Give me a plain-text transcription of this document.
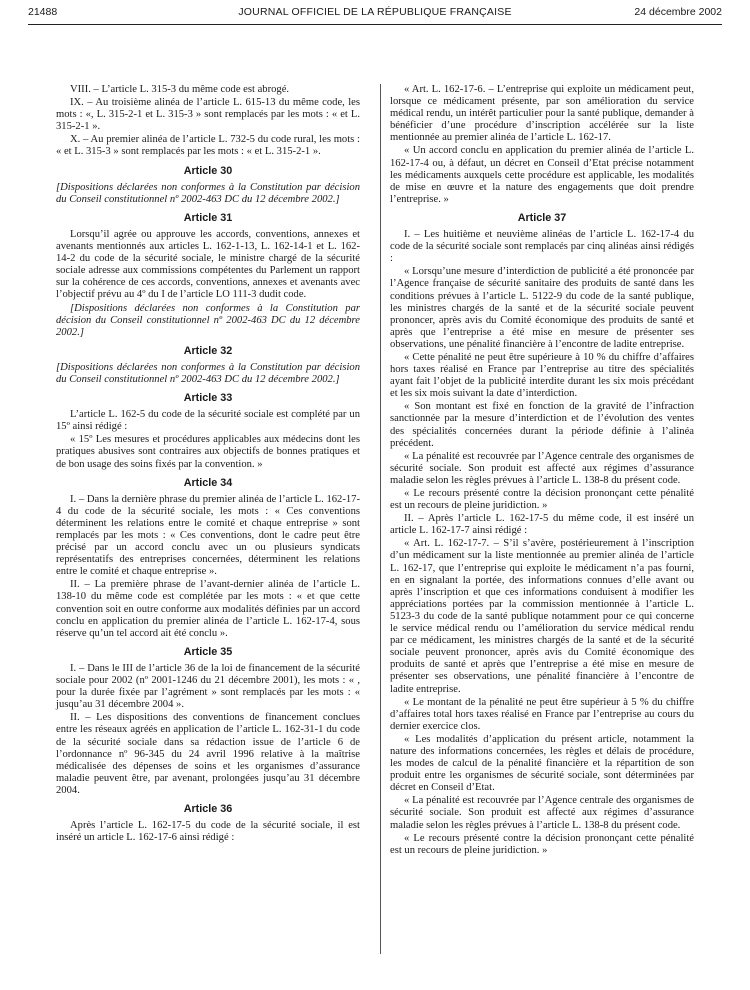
21488	JOURNAL OFFICIEL DE LA RÉPUBLIQUE FRANÇAISE	24 décembre 2002

VIII. – L’article L. 315-3 du même code est abrogé.

IX. – Au troisième alinéa de l’article L. 615-13 du même code, les mots : «, L. 315-2-1 et L. 315-3 » sont remplacés par les mots : « et L. 315-2-1 ».

X. – Au premier alinéa de l’article L. 732-5 du code rural, les mots : « et L. 315-3 » sont remplacés par les mots : « et L. 315-2-1 ».

Article 30

[Dispositions déclarées non conformes à la Constitution par décision du Conseil constitutionnel nº 2002-463 DC du 12 décembre 2002.]

Article 31

Lorsqu’il agrée ou approuve les accords, conventions, annexes et avenants mentionnés aux articles L. 162-1-13, L. 162-14-1 et L. 162-14-2 du code de la sécurité sociale, le ministre chargé de la sécurité sociale adresse aux commissions compétentes du Parlement un rapport sur la cohérence de ces accords, conventions, annexes et avenants avec l’objectif prévu au 4º du I de l’article LO 111-3 dudit code.

[Dispositions déclarées non conformes à la Constitution par décision du Conseil constitutionnel nº 2002-463 DC du 12 décembre 2002.]

Article 32

[Dispositions déclarées non conformes à la Constitution par décision du Conseil constitutionnel nº 2002-463 DC du 12 décembre 2002.]

Article 33

L’article L. 162-5 du code de la sécurité sociale est complété par un 15º ainsi rédigé :

« 15º Les mesures et procédures applicables aux médecins dont les pratiques abusives sont contraires aux objectifs de bonnes pratiques et de bon usage des soins fixés par la convention. »

Article 34

I. – Dans la dernière phrase du premier alinéa de l’article L. 162-17-4 du code de la sécurité sociale, les mots : « Ces conventions déterminent les relations entre le comité et chaque entreprise » sont remplacés par les mots : « Ces conventions, dont le cadre peut être précisé par un accord conclu avec un ou plusieurs syndicats représentatifs des entreprises concernées, déterminent les relations entre le comité et chaque entreprise ».

II. – La première phrase de l’avant-dernier alinéa de l’article L. 138-10 du même code est complétée par les mots : « et que cette convention soit en outre conforme aux modalités définies par un accord conclu en application du premier alinéa de l’article L. 162-17-4, sous réserve qu’un tel accord ait été conclu ».

Article 35

I. – Dans le III de l’article 36 de la loi de financement de la sécurité sociale pour 2002 (nº 2001-1246 du 21 décembre 2001), les mots : « , pour la durée fixée par l’agrément » sont remplacés par les mots : « jusqu’au 31 décembre 2004 ».

II. – Les dispositions des conventions de financement conclues entre les réseaux agréés en application de l’article L. 162-31-1 du code de la sécurité sociale dans sa rédaction issue de l’article 6 de l’ordonnance nº 96-345 du 24 avril 1996 relative à la maîtrise médicalisée des dépenses de soins et les organismes d’assurance maladie peuvent être, par avenant, prolongées jusqu’au 31 décembre 2004.

Article 36

Après l’article L. 162-17-5 du code de la sécurité sociale, il est inséré un article L. 162-17-6 ainsi rédigé :

« Art. L. 162-17-6. – L’entreprise qui exploite un médicament peut, lorsque ce médicament présente, par son amélioration du service médical rendu, un intérêt particulier pour la santé publique, demander à bénéficier d’une procédure d’inscription accélérée sur la liste mentionnée au premier alinéa de l’article L. 162-17.

« Un accord conclu en application du premier alinéa de l’article L. 162-17-4 ou, à défaut, un décret en Conseil d’Etat précise notamment les médicaments auxquels cette procédure est applicable, les modalités de mise en œuvre et la nature des engagements que doit prendre l’entreprise. »

Article 37

I. – Les huitième et neuvième alinéas de l’article L. 162-17-4 du code de la sécurité sociale sont remplacés par cinq alinéas ainsi rédigés :

« Lorsqu’une mesure d’interdiction de publicité a été prononcée par l’Agence française de sécurité sanitaire des produits de santé dans les conditions prévues à l’article L. 5122-9 du code de la santé publique, les ministres chargés de la santé et de la sécurité sociale peuvent prononcer, après avis du Comité économique des produits de santé et après que l’entreprise a été mise en mesure de présenter ses observations, une pénalité financière à l’encontre de ladite entreprise.

« Cette pénalité ne peut être supérieure à 10 % du chiffre d’affaires hors taxes réalisé en France par l’entreprise au titre des spécialités ayant fait l’objet de la publicité interdite durant les six mois précédant et les six mois suivant la date d’interdiction.

« Son montant est fixé en fonction de la gravité de l’infraction sanctionnée par la mesure d’interdiction et de l’évolution des ventes des spécialités concernées durant la période définie à l’alinéa précédent.

« La pénalité est recouvrée par l’Agence centrale des organismes de sécurité sociale. Son produit est affecté aux régimes d’assurance maladie selon les règles prévues à l’article L. 138-8 du présent code.

« Le recours présenté contre la décision prononçant cette pénalité est un recours de pleine juridiction. »

II. – Après l’article L. 162-17-5 du même code, il est inséré un article L. 162-17-7 ainsi rédigé :

« Art. L. 162-17-7. – S’il s’avère, postérieurement à l’inscription d’un médicament sur la liste mentionnée au premier alinéa de l’article L. 162-17, que l’entreprise qui exploite le médicament n’a pas fourni, en en signalant la portée, des informations connues d’elle avant ou après l’inscription et que ces informations conduisent à modifier les appréciations portées par la commission mentionnée à l’article L. 5123-3 du code de la santé publique notamment pour ce qui concerne le service médical rendu ou l’amélioration du service médical rendu par ce médicament, les ministres chargés de la santé et de la sécurité sociale peuvent prononcer, après avis du Comité économique des produits de santé et après que l’entreprise a été mise en mesure de présenter ses observations, une pénalité financière à l’encontre de ladite entreprise.

« Le montant de la pénalité ne peut être supérieur à 5 % du chiffre d’affaires total hors taxes réalisé en France par l’entreprise au cours du dernier exercice clos.

« Les modalités d’application du présent article, notamment la nature des informations concernées, les règles et délais de procédure, les modes de calcul de la pénalité financière et la répartition de son produit entre les organismes de sécurité sociale, sont déterminées par décret en Conseil d’Etat.

« La pénalité est recouvrée par l’Agence centrale des organismes de sécurité sociale. Son produit est affecté aux régimes d’assurance maladie selon les règles prévues à l’article L. 138-8 du présent code.

« Le recours présenté contre la décision prononçant cette pénalité est un recours de pleine juridiction. »
